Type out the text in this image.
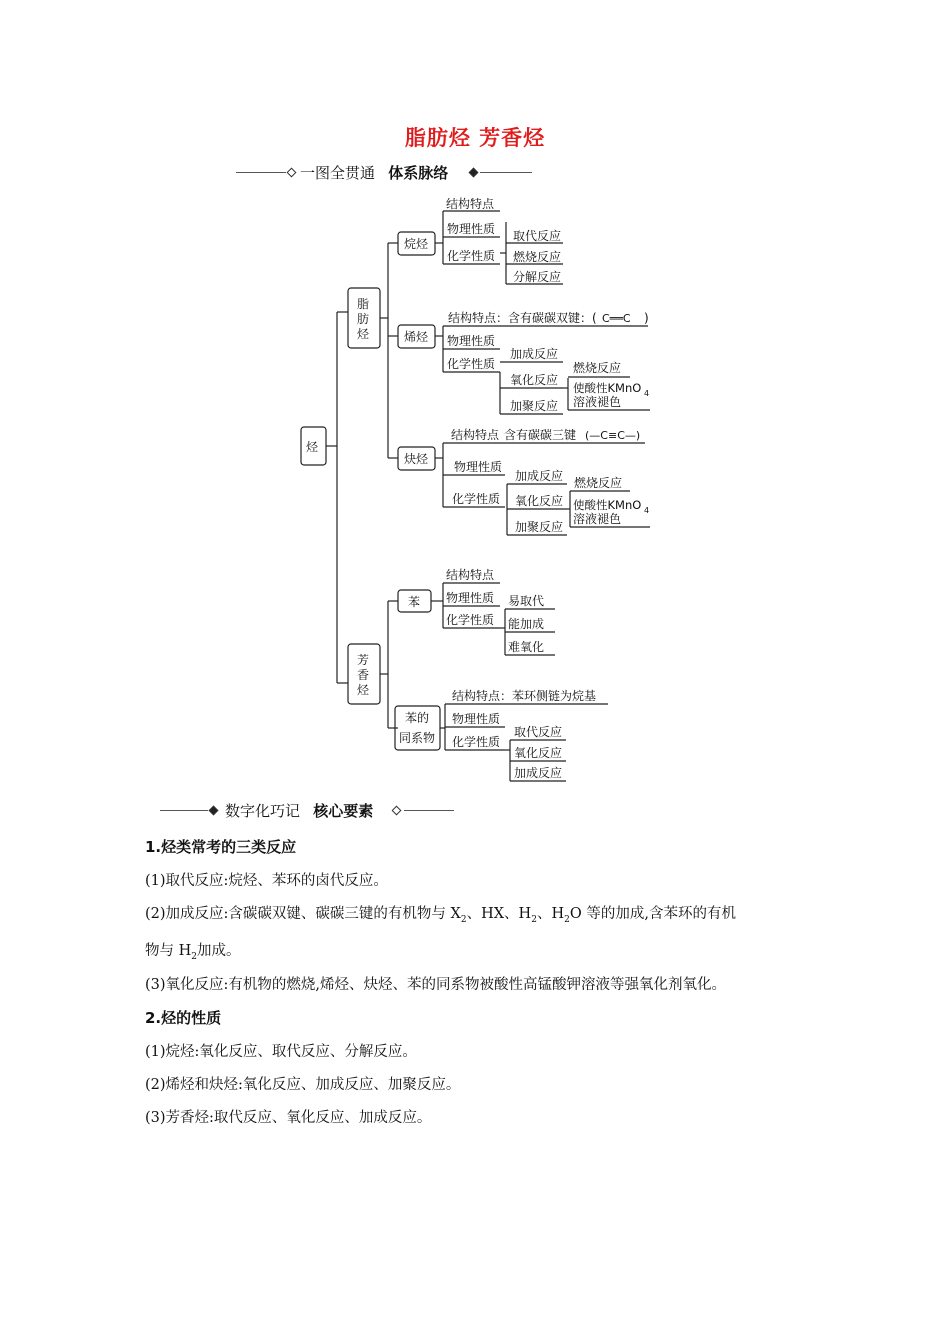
脂肪烃 芳香烃
一图全贯通 体系脉络
烃
脂 肪 烃
芳 香 烃
烷烃
结构特点
物理性质
化学性质
取代反应
燃烧反应
分解反应
烯烃
结构特点：含有碳碳双键：( C══C )
物理性质
化学性质
加成反应
氧化反应
加聚反应
燃烧反应
使酸性KMnO 4
溶液褪色
炔烃
结构特点 含有碳碳三键 (—C≡C—)
物理性质
化学性质
加成反应
氧化反应
加聚反应
燃烧反应
使酸性KMnO 4
溶液褪色
苯
结构特点
物理性质
化学性质
易取代
能加成
难氧化
苯的
同系物
结构特点：苯环侧链为烷基
物理性质
化学性质
取代反应
氧化反应
加成反应
数字化巧记 核心要素
1.烃类常考的三类反应
(1)取代反应:烷烃、苯环的卤代反应。
(2)加成反应:含碳碳双键、碳碳三键的有机物与 $X_2$、HX、$H_2$、$H_2O$ 等的加成,含苯环的有机
物与 $H_2$加成。
(3)氧化反应:有机物的燃烧,烯烃、炔烃、苯的同系物被酸性高锰酸钾溶液等强氧化剂氧化。
2.烃的性质
(1)烷烃:氧化反应、取代反应、分解反应。
(2)烯烃和炔烃:氧化反应、加成反应、加聚反应。
(3)芳香烃:取代反应、氧化反应、加成反应。
